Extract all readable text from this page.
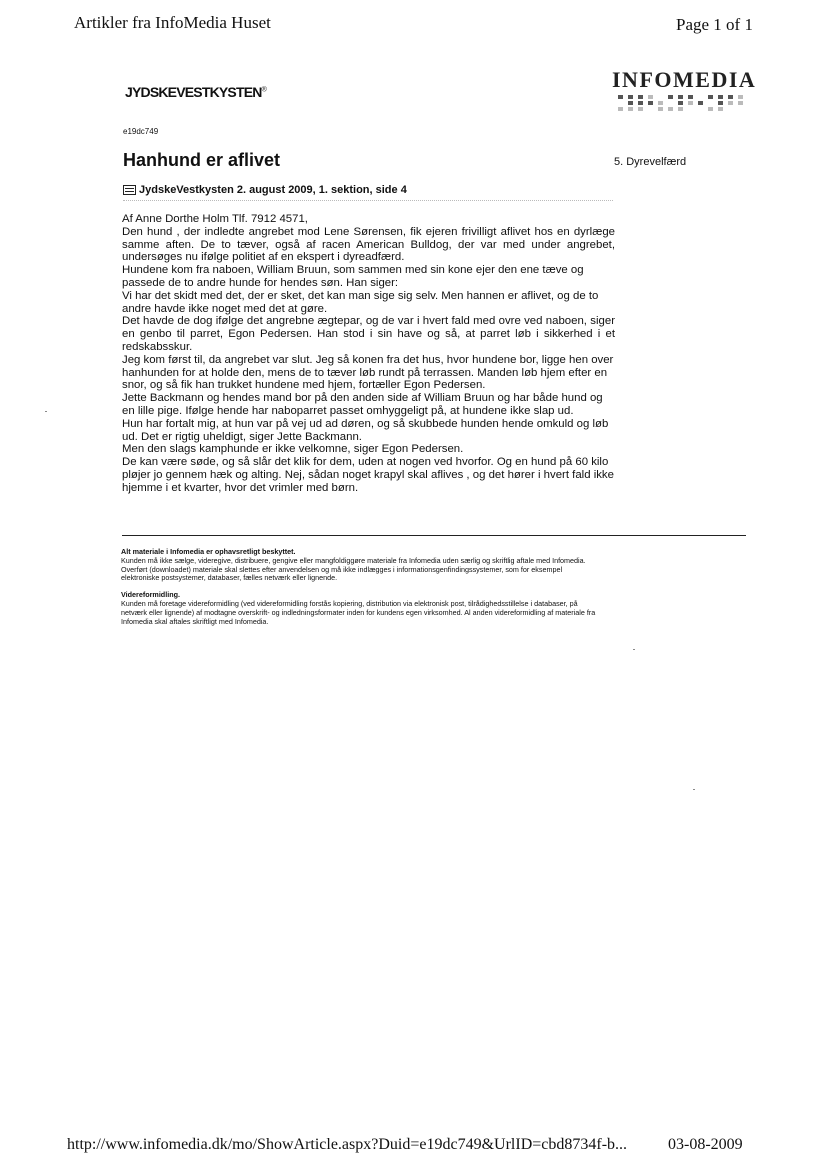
Artikler fra InfoMedia Huset	Page 1 of 1
JYDSKEVESTKYSTEN®	INFOMEDIA
e19dc749
Hanhund er aflivet	5. Dyrevelfærd
JydskeVestkysten 2. august 2009, 1. sektion, side 4

Af Anne Dorthe Holm Tlf. 7912 4571,

Den hund , der indledte angrebet mod Lene Sørensen, fik ejeren frivilligt aflivet hos en dyrlæge samme aften. De to tæver, også af racen American Bulldog, der var med under angrebet, undersøges nu ifølge politiet af en ekspert i dyreadfærd.

Hundene kom fra naboen, William Bruun, som sammen med sin kone ejer den ene tæve og passede de to andre hunde for hendes søn. Han siger:

Vi har det skidt med det, der er sket, det kan man sige sig selv. Men hannen er aflivet, og de to andre havde ikke noget med det at gøre.

Det havde de dog ifølge det angrebne ægtepar, og de var i hvert fald med ovre ved naboen, siger en genbo til parret, Egon Pedersen. Han stod i sin have og så, at parret løb i sikkerhed i et redskabsskur.

Jeg kom først til, da angrebet var slut. Jeg så konen fra det hus, hvor hundene bor, ligge hen over hanhunden for at holde den, mens de to tæver løb rundt på terrassen. Manden løb hjem efter en snor, og så fik han trukket hundene med hjem, fortæller Egon Pedersen.

Jette Backmann og hendes mand bor på den anden side af William Bruun og har både hund og en lille pige. Ifølge hende har naboparret passet omhyggeligt på, at hundene ikke slap ud.

Hun har fortalt mig, at hun var på vej ud ad døren, og så skubbede hunden hende omkuld og løb ud. Det er rigtig uheldigt, siger Jette Backmann.

Men den slags kamphunde er ikke velkomne, siger Egon Pedersen.

De kan være søde, og så slår det klik for dem, uden at nogen ved hvorfor. Og en hund på 60 kilo pløjer jo gennem hæk og alting. Nej, sådan noget krapyl skal aflives , og det hører i hvert fald ikke hjemme i et kvarter, hvor det vrimler med børn.

Alt materiale i Infomedia er ophavsretligt beskyttet.

Kunden må ikke sælge, videregive, distribuere, gengive eller mangfoldiggøre materiale fra Infomedia uden særlig og skriftlig aftale med Infomedia. Overført (downloadet) materiale skal slettes efter anvendelsen og må ikke indlægges i informationsgenfindingssystemer, som for eksempel elektroniske postsystemer, databaser, fælles netværk eller lignende.

Videreformidling.

Kunden må foretage videreformidling (ved videreformidling forstås kopiering, distribution via elektronisk post, tilrådighedsstillelse i databaser, på netværk eller lignende) af modtagne overskrift- og indledningsformater inden for kundens egen virksomhed. Al anden videreformidling af materiale fra Infomedia skal aftales skriftligt med Infomedia.

http://www.infomedia.dk/mo/ShowArticle.aspx?Duid=e19dc749&UrlID=cbd8734f-b...	03-08-2009
